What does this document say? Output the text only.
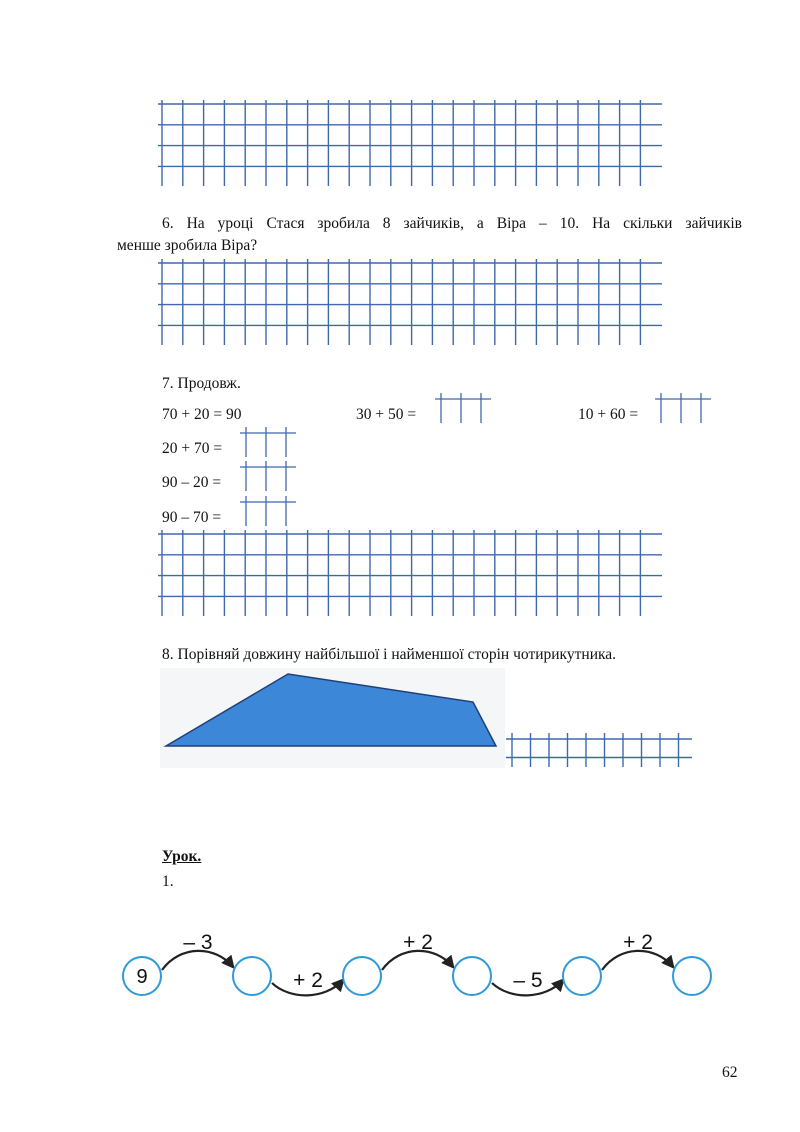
6. На уроці Стася зробила 8 зайчиків, а Віра – 10. На скільки зайчиків
менше зробила Віра?
7. Продовж.
70 + 20 = 90	30 + 50 =	10 + 60 =
20 + 70 =
90 – 20 =
90 – 70 =
8. Порівняй довжину найбільшої і найменшої сторін чотирикутника.
Урок.
1.
9
– 3
+ 2
+ 2
– 5
+ 2
62
